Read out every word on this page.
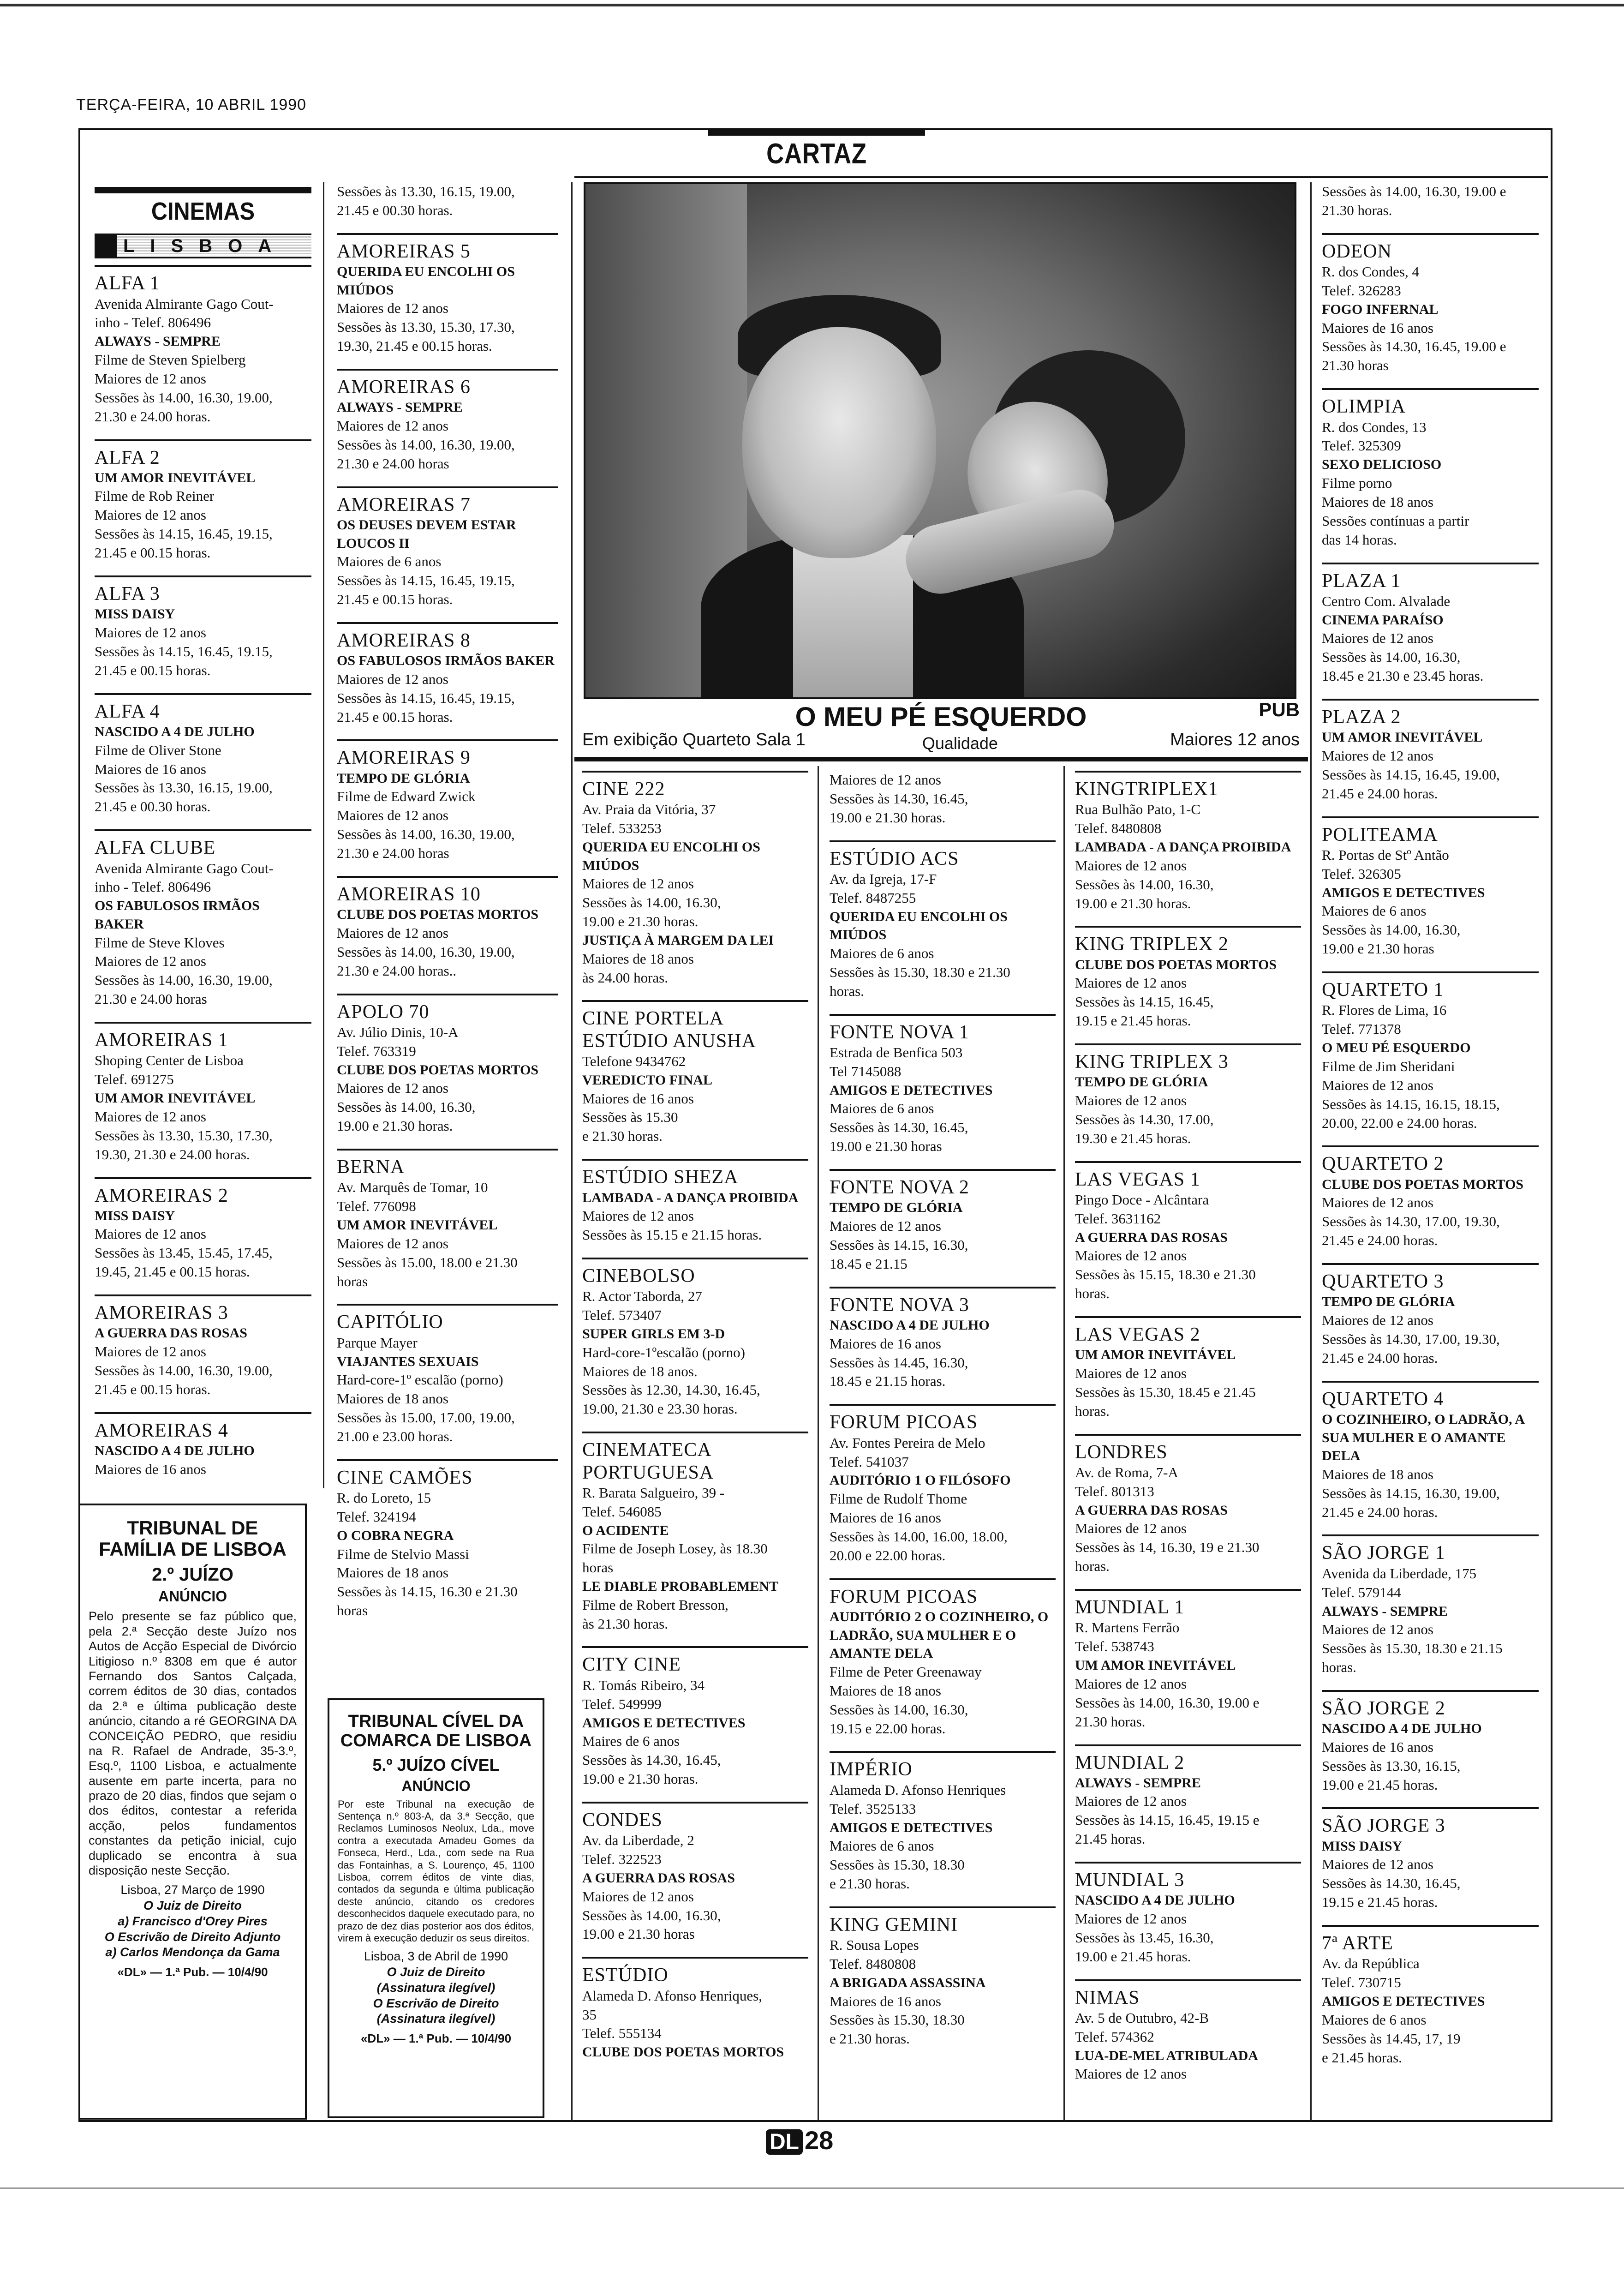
TERÇA-FEIRA, 10 ABRIL 1990
CARTAZ
CINEMAS
LISBOA
ALFA 1
Avenida Almirante Gago Cout-
inho - Telef. 806496
ALWAYS - SEMPRE
Filme de Steven Spielberg
Maiores de 12 anos
Sessões às 14.00, 16.30, 19.00,
21.30 e 24.00 horas.
ALFA 2
UM AMOR INEVITÁVEL
Filme de Rob Reiner
Maiores de 12 anos
Sessões às 14.15, 16.45, 19.15,
21.45 e 00.15 horas.
ALFA 3
MISS DAISY
Maiores de 12 anos
Sessões às 14.15, 16.45, 19.15,
21.45 e 00.15 horas.
ALFA 4
NASCIDO A 4 DE JULHO
Filme de Oliver Stone
Maiores de 16 anos
Sessões às 13.30, 16.15, 19.00,
21.45 e 00.30 horas.
ALFA CLUBE
Avenida Almirante Gago Cout-
inho - Telef. 806496
OS FABULOSOS IRMÃOS BAKER
Filme de Steve Kloves
Maiores de 12 anos
Sessões às 14.00, 16.30, 19.00,
21.30 e 24.00 horas
AMOREIRAS 1
Shoping Center de Lisboa
Telef. 691275
UM AMOR INEVITÁVEL
Maiores de 12 anos
Sessões às 13.30, 15.30, 17.30,
19.30, 21.30 e 24.00 horas.
AMOREIRAS 2
MISS DAISY
Maiores de 12 anos
Sessões às 13.45, 15.45, 17.45,
19.45, 21.45 e 00.15 horas.
AMOREIRAS 3
A GUERRA DAS ROSAS
Maiores de 12 anos
Sessões às 14.00, 16.30, 19.00,
21.45 e 00.15 horas.
AMOREIRAS 4
NASCIDO A 4 DE JULHO
Maiores de 16 anos
Sessões às 13.30, 16.15, 19.00,
21.45 e 00.30 horas.
AMOREIRAS 5
QUERIDA EU ENCOLHI OS MIÚDOS
Maiores de 12 anos
Sessões às 13.30, 15.30, 17.30,
19.30, 21.45 e 00.15 horas.
AMOREIRAS 6
ALWAYS - SEMPRE
Maiores de 12 anos
Sessões às 14.00, 16.30, 19.00,
21.30 e 24.00 horas
AMOREIRAS 7
OS DEUSES DEVEM ESTAR LOUCOS II
Maiores de 6 anos
Sessões às 14.15, 16.45, 19.15,
21.45 e 00.15 horas.
AMOREIRAS 8
OS FABULOSOS IRMÃOS BAKER
Maiores de 12 anos
Sessões às 14.15, 16.45, 19.15,
21.45 e 00.15 horas.
AMOREIRAS 9
TEMPO DE GLÓRIA
Filme de Edward Zwick
Maiores de 12 anos
Sessões às 14.00, 16.30, 19.00,
21.30 e 24.00 horas
AMOREIRAS 10
CLUBE DOS POETAS MORTOS
Maiores de 12 anos
Sessões às 14.00, 16.30, 19.00,
21.30 e 24.00 horas..
APOLO 70
Av. Júlio Dinis, 10-A
Telef. 763319
CLUBE DOS POETAS MORTOS
Maiores de 12 anos
Sessões às 14.00, 16.30,
19.00 e 21.30 horas.
BERNA
Av. Marquês de Tomar, 10
Telef. 776098
UM AMOR INEVITÁVEL
Maiores de 12 anos
Sessões às 15.00, 18.00 e 21.30
horas
CAPITÓLIO
Parque Mayer
VIAJANTES SEXUAIS
Hard-core-1º escalão (porno)
Maiores de 18 anos
Sessões às 15.00, 17.00, 19.00,
21.00 e 23.00 horas.
CINE CAMÕES
R. do Loreto, 15
Telef. 324194
O COBRA NEGRA
Filme de Stelvio Massi
Maiores de 18 anos
Sessões às 14.15, 16.30 e 21.30
horas
O MEU PÉ ESQUERDO	PUB
Em exibição Quarteto Sala 1	Qualidade	Maiores 12 anos
CINE 222
Av. Praia da Vitória, 37
Telef. 533253
QUERIDA EU ENCOLHI OS MIÚDOS
Maiores de 12 anos
Sessões às 14.00, 16.30,
19.00 e 21.30 horas.
JUSTIÇA À MARGEM DA LEI
Maiores de 18 anos
às 24.00 horas.
CINE PORTELA ESTÚDIO ANUSHA
Telefone 9434762
VEREDICTO FINAL
Maiores de 16 anos
Sessões às 15.30
e 21.30 horas.
ESTÚDIO SHEZA
LAMBADA - A DANÇA PROIBIDA
Maiores de 12 anos
Sessões às 15.15 e 21.15 horas.
CINEBOLSO
R. Actor Taborda, 27
Telef. 573407
SUPER GIRLS EM 3-D
Hard-core-1ºescalão (porno)
Maiores de 18 anos.
Sessões às 12.30, 14.30, 16.45,
19.00, 21.30 e 23.30 horas.
CINEMATECA PORTUGUESA
R. Barata Salgueiro, 39 -
Telef. 546085
O ACIDENTE
Filme de Joseph Losey, às 18.30
horas
LE DIABLE PROBABLEMENT
Filme de Robert Bresson,
às 21.30 horas.
CITY CINE
R. Tomás Ribeiro, 34
Telef. 549999
AMIGOS E DETECTIVES
Maires de 6 anos
Sessões às 14.30, 16.45,
19.00 e 21.30 horas.
CONDES
Av. da Liberdade, 2
Telef. 322523
A GUERRA DAS ROSAS
Maiores de 12 anos
Sessões às 14.00, 16.30,
19.00 e 21.30 horas
ESTÚDIO
Alameda D. Afonso Henriques,
35
Telef. 555134
CLUBE DOS POETAS MORTOS
Maiores de 12 anos
Sessões às 14.30, 16.45,
19.00 e 21.30 horas.
ESTÚDIO ACS
Av. da Igreja, 17-F
Telef. 8487255
QUERIDA EU ENCOLHI OS MIÚDOS
Maiores de 6 anos
Sessões às 15.30, 18.30 e 21.30
horas.
FONTE NOVA 1
Estrada de Benfica 503
Tel 7145088
AMIGOS E DETECTIVES
Maiores de 6 anos
Sessões às 14.30, 16.45,
19.00 e 21.30 horas
FONTE NOVA 2
TEMPO DE GLÓRIA
Maiores de 12 anos
Sessões às 14.15, 16.30,
18.45 e 21.15
FONTE NOVA 3
NASCIDO A 4 DE JULHO
Maiores de 16 anos
Sessões às 14.45, 16.30,
18.45 e 21.15 horas.
FORUM PICOAS
Av. Fontes Pereira de Melo
Telef. 541037
AUDITÓRIO 1 O FILÓSOFO
Filme de Rudolf Thome
Maiores de 16 anos
Sessões às 14.00, 16.00, 18.00,
20.00 e 22.00 horas.
FORUM PICOAS
AUDITÓRIO 2 O COZINHEIRO, O LADRÃO, SUA MULHER E O AMANTE DELA
Filme de Peter Greenaway
Maiores de 18 anos
Sessões às 14.00, 16.30,
19.15 e 22.00 horas.
IMPÉRIO
Alameda D. Afonso Henriques
Telef. 3525133
AMIGOS E DETECTIVES
Maiores de 6 anos
Sessões às 15.30, 18.30
e 21.30 horas.
KING GEMINI
R. Sousa Lopes
Telef. 8480808
A BRIGADA ASSASSINA
Maiores de 16 anos
Sessões às 15.30, 18.30
e 21.30 horas.
KINGTRIPLEX1
Rua Bulhão Pato, 1-C
Telef. 8480808
LAMBADA - A DANÇA PROIBIDA
Maiores de 12 anos
Sessões às 14.00, 16.30,
19.00 e 21.30 horas.
KING TRIPLEX 2
CLUBE DOS POETAS MORTOS
Maiores de 12 anos
Sessões às 14.15, 16.45,
19.15 e 21.45 horas.
KING TRIPLEX 3
TEMPO DE GLÓRIA
Maiores de 12 anos
Sessões às 14.30, 17.00,
19.30 e 21.45 horas.
LAS VEGAS 1
Pingo Doce - Alcântara
Telef. 3631162
A GUERRA DAS ROSAS
Maiores de 12 anos
Sessões às 15.15, 18.30 e 21.30
horas.
LAS VEGAS 2
UM AMOR INEVITÁVEL
Maiores de 12 anos
Sessões às 15.30, 18.45 e 21.45
horas.
LONDRES
Av. de Roma, 7-A
Telef. 801313
A GUERRA DAS ROSAS
Maiores de 12 anos
Sessões às 14, 16.30, 19 e 21.30
horas.
MUNDIAL 1
R. Martens Ferrão
Telef. 538743
UM AMOR INEVITÁVEL
Maiores de 12 anos
Sessões às 14.00, 16.30, 19.00 e
21.30 horas.
MUNDIAL 2
ALWAYS - SEMPRE
Maiores de 12 anos
Sessões às 14.15, 16.45, 19.15 e
21.45 horas.
MUNDIAL 3
NASCIDO A 4 DE JULHO
Maiores de 12 anos
Sessões às 13.45, 16.30,
19.00 e 21.45 horas.
NIMAS
Av. 5 de Outubro, 42-B
Telef. 574362
LUA-DE-MEL ATRIBULADA
Maiores de 12 anos
Sessões às 14.00, 16.30, 19.00 e
21.30 horas.
ODEON
R. dos Condes, 4
Telef. 326283
FOGO INFERNAL
Maiores de 16 anos
Sessões às 14.30, 16.45, 19.00 e
21.30 horas
OLIMPIA
R. dos Condes, 13
Telef. 325309
SEXO DELICIOSO
Filme porno
Maiores de 18 anos
Sessões contínuas a partir
das 14 horas.
PLAZA 1
Centro Com. Alvalade
CINEMA PARAÍSO
Maiores de 12 anos
Sessões às 14.00, 16.30,
18.45 e 21.30 e 23.45 horas.
PLAZA 2
UM AMOR INEVITÁVEL
Maiores de 12 anos
Sessões às 14.15, 16.45, 19.00,
21.45 e 24.00 horas.
POLITEAMA
R. Portas de Stº Antão
Telef. 326305
AMIGOS E DETECTIVES
Maiores de 6 anos
Sessões às 14.00, 16.30,
19.00 e 21.30 horas
QUARTETO 1
R. Flores de Lima, 16
Telef. 771378
O MEU PÉ ESQUERDO
Filme de Jim Sheridani
Maiores de 12 anos
Sessões às 14.15, 16.15, 18.15,
20.00, 22.00 e 24.00 horas.
QUARTETO 2
CLUBE DOS POETAS MORTOS
Maiores de 12 anos
Sessões às 14.30, 17.00, 19.30,
21.45 e 24.00 horas.
QUARTETO 3
TEMPO DE GLÓRIA
Maiores de 12 anos
Sessões às 14.30, 17.00, 19.30,
21.45 e 24.00 horas.
QUARTETO 4
O COZINHEIRO, O LADRÃO, A SUA MULHER E O AMANTE DELA
Maiores de 18 anos
Sessões às 14.15, 16.30, 19.00,
21.45 e 24.00 horas.
SÃO JORGE 1
Avenida da Liberdade, 175
Telef. 579144
ALWAYS - SEMPRE
Maiores de 12 anos
Sessões às 15.30, 18.30 e 21.15
horas.
SÃO JORGE 2
NASCIDO A 4 DE JULHO
Maiores de 16 anos
Sessões às 13.30, 16.15,
19.00 e 21.45 horas.
SÃO JORGE 3
MISS DAISY
Maiores de 12 anos
Sessões às 14.30, 16.45,
19.15 e 21.45 horas.
7ª ARTE
Av. da República
Telef. 730715
AMIGOS E DETECTIVES
Maiores de 6 anos
Sessões às 14.45, 17, 19
e 21.45 horas.
TRIBUNAL DE FAMÍLIA DE LISBOA
2.º JUÍZO
ANÚNCIO
Pelo presente se faz público que, pela 2.ª Secção deste Juízo nos Autos de Acção Especial de Divórcio Litigioso n.º 8308 em que é autor Fernando dos Santos Calçada, correm éditos de 30 dias, contados da 2.ª e última publicação deste anúncio, citando a ré GEORGINA DA CONCEIÇÃO PEDRO, que residiu na R. Rafael de Andrade, 35-3.º, Esq.º, 1100 Lisboa, e actualmente ausente em parte incerta, para no prazo de 20 dias, findos que sejam o dos éditos, contestar a referida acção, pelos fundamentos constantes da petição inicial, cujo duplicado se encontra à sua disposição neste Secção.
Lisboa, 27 Março de 1990
O Juiz de Direito
a) Francisco d'Orey Pires
O Escrivão de Direito Adjunto
a) Carlos Mendonça da Gama
«DL» — 1.ª Pub. — 10/4/90
TRIBUNAL CÍVEL DA COMARCA DE LISBOA
5.º JUÍZO CÍVEL
ANÚNCIO
Por este Tribunal na execução de Sentença n.º 803-A, da 3.ª Secção, que Reclamos Luminosos Neolux, Lda., move contra a executada Amadeu Gomes da Fonseca, Herd., Lda., com sede na Rua das Fontainhas, a S. Lourenço, 45, 1100 Lisboa, correm éditos de vinte dias, contados da segunda e última publicação deste anúncio, citando os credores desconhecidos daquele executado para, no prazo de dez dias posterior aos dos éditos, virem à execução deduzir os seus direitos.
Lisboa, 3 de Abril de 1990
O Juiz de Direito
(Assinatura ilegível)
O Escrivão de Direito
(Assinatura ilegível)
«DL» — 1.ª Pub. — 10/4/90
DL 28
